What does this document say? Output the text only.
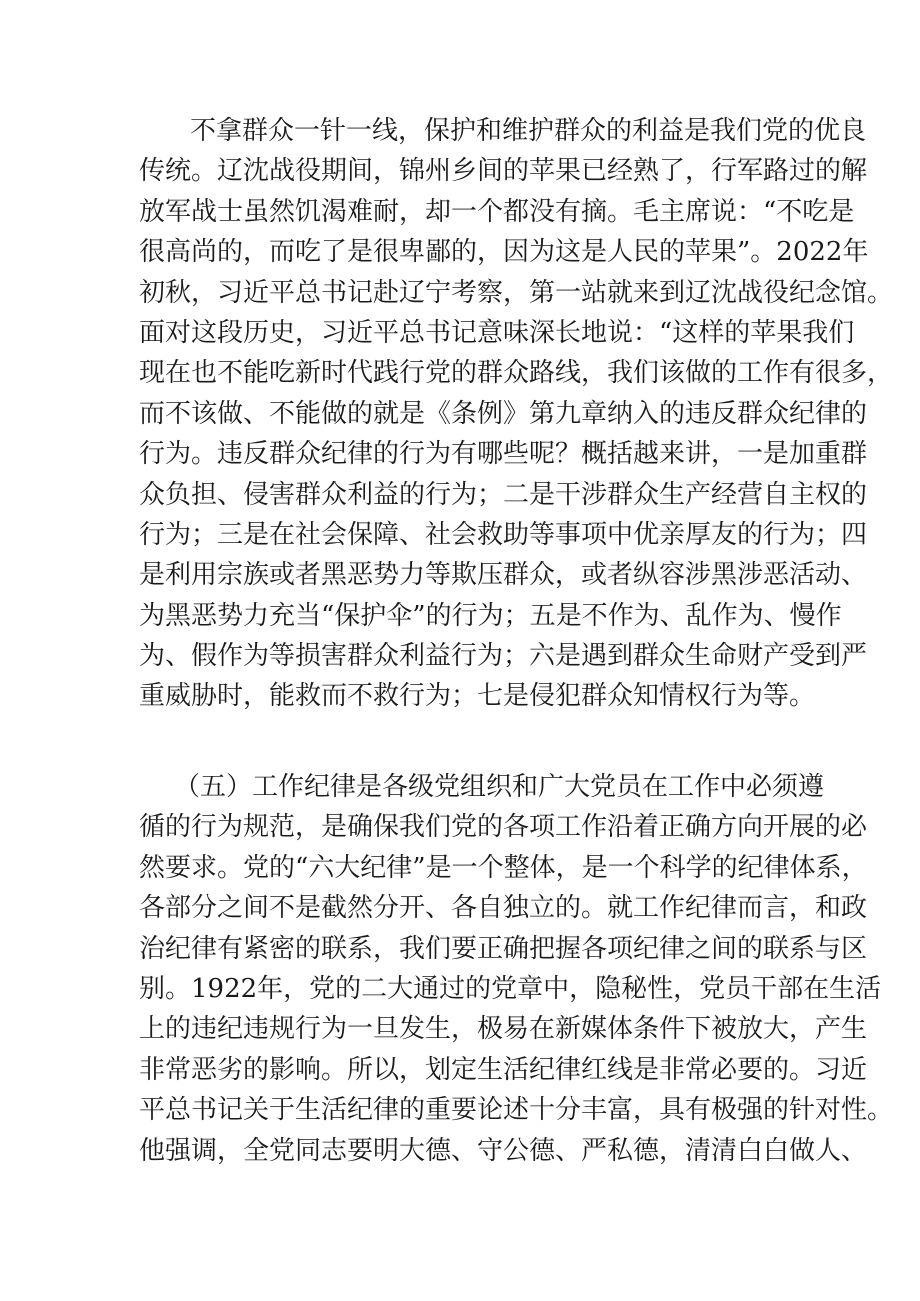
不拿群众一针一线，保护和维护群众的利益是我们党的优良
传统。辽沈战役期间，锦州乡间的苹果已经熟了，行军路过的解
放军战士虽然饥渴难耐，却一个都没有摘。毛主席说：“不吃是
很高尚的，而吃了是很卑鄙的，因为这是人民的苹果”。2022年
初秋，习近平总书记赴辽宁考察，第一站就来到辽沈战役纪念馆。
面对这段历史，习近平总书记意味深长地说：“这样的苹果我们
现在也不能吃新时代践行党的群众路线，我们该做的工作有很多，
而不该做、不能做的就是《条例》第九章纳入的违反群众纪律的
行为。违反群众纪律的行为有哪些呢？概括越来讲，一是加重群
众负担、侵害群众利益的行为；二是干涉群众生产经营自主权的
行为；三是在社会保障、社会救助等事项中优亲厚友的行为；四
是利用宗族或者黑恶势力等欺压群众，或者纵容涉黑涉恶活动、
为黑恶势力充当“保护伞”的行为；五是不作为、乱作为、慢作
为、假作为等损害群众利益行为；六是遇到群众生命财产受到严
重威胁时，能救而不救行为；七是侵犯群众知情权行为等。
（五）工作纪律是各级党组织和广大党员在工作中必须遵
循的行为规范，是确保我们党的各项工作沿着正确方向开展的必
然要求。党的“六大纪律”是一个整体，是一个科学的纪律体系，
各部分之间不是截然分开、各自独立的。就工作纪律而言，和政
治纪律有紧密的联系，我们要正确把握各项纪律之间的联系与区
别。1922年，党的二大通过的党章中，隐秘性，党员干部在生活
上的违纪违规行为一旦发生，极易在新媒体条件下被放大，产生
非常恶劣的影响。所以，划定生活纪律红线是非常必要的。习近
平总书记关于生活纪律的重要论述十分丰富，具有极强的针对性。
他强调，全党同志要明大德、守公德、严私德，清清白白做人、
